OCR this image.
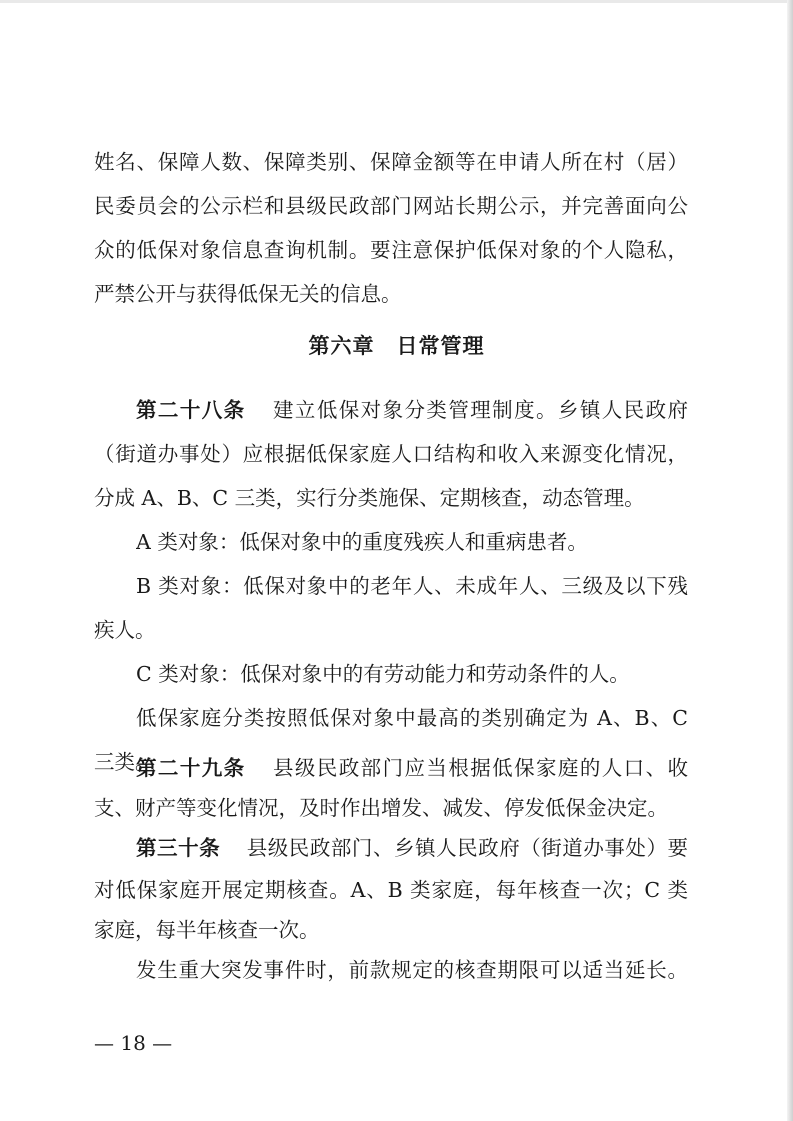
姓名、保障人数、保障类别、保障金额等在申请人所在村（居）
民委员会的公示栏和县级民政部门网站长期公示，并完善面向公
众的低保对象信息查询机制。要注意保护低保对象的个人隐私，
严禁公开与获得低保无关的信息。
第六章 日常管理
第二十八条 建立低保对象分类管理制度。乡镇人民政府
（街道办事处）应根据低保家庭人口结构和收入来源变化情况，
分成 A、B、C 三类，实行分类施保、定期核查，动态管理。
A 类对象：低保对象中的重度残疾人和重病患者。
B 类对象：低保对象中的老年人、未成年人、三级及以下残
疾人。
C 类对象：低保对象中的有劳动能力和劳动条件的人。
低保家庭分类按照低保对象中最高的类别确定为 A、B、C
三类。
第二十九条 县级民政部门应当根据低保家庭的人口、收
支、财产等变化情况，及时作出增发、减发、停发低保金决定。
第三十条 县级民政部门、乡镇人民政府（街道办事处）要
对低保家庭开展定期核查。A、B 类家庭，每年核查一次；C 类
家庭，每半年核查一次。
— 18 —
发生重大突发事件时，前款规定的核查期限可以适当延长。
